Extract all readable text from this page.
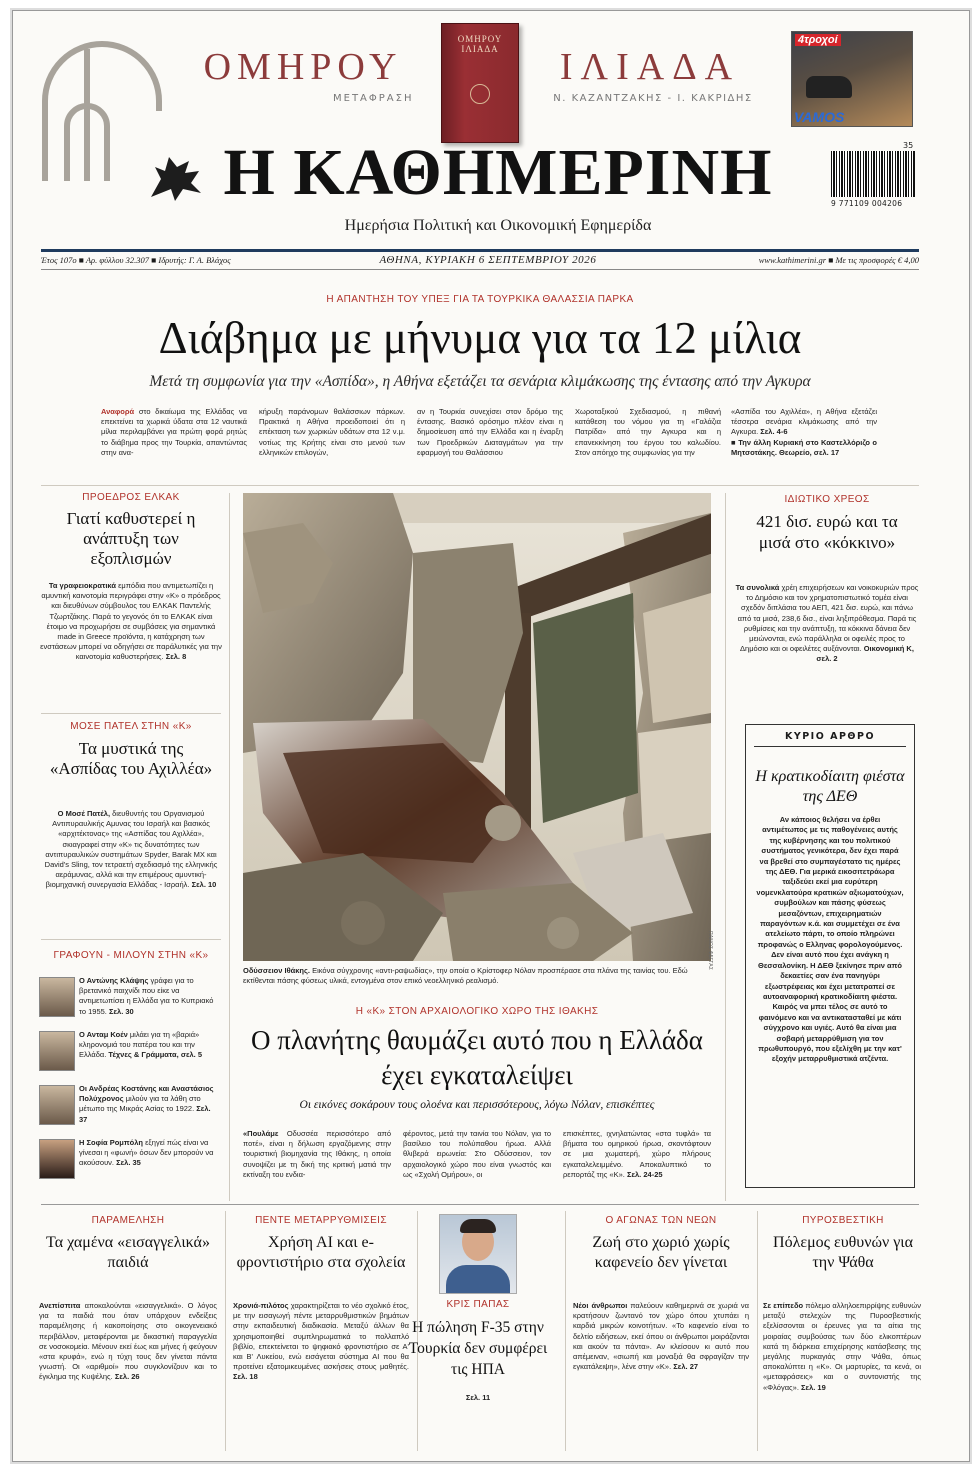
ΟΜΗΡΟΥ
ΜΕΤΑΦΡΑΣΗ
ΟΜΗΡΟΥ
ΙΛΙΑΔΑ	ΙΛΙΑΔΑ
Ν. ΚΑΖΑΝΤΖΑΚΗΣ - Ι. ΚΑΚΡΙΔΗΣ
4τροχοί
VAMOS
Η ΚΑΘΗΜΕΡΙΝΗ
Ημερήσια Πολιτική και Οικονομική Εφημερίδα
35
9 771109 004206
Έτος 107ο ■ Αρ. φύλλου 32.307 ■ Ιδρυτής: Γ. Α. Βλάχος	ΑΘΗΝΑ, ΚΥΡΙΑΚΗ 6 ΣΕΠΤΕΜΒΡΙΟΥ 2026	www.kathimerini.gr ■ Με τις προσφορές € 4,00
Η ΑΠΑΝΤΗΣΗ ΤΟΥ ΥΠΕΞ ΓΙΑ ΤΑ ΤΟΥΡΚΙΚΑ ΘΑΛΑΣΣΙΑ ΠΑΡΚΑ
Διάβημα με μήνυμα για τα 12 μίλια
Μετά τη συμφωνία για την «Ασπίδα», η Αθήνα εξετάζει τα σενάρια κλιμάκωσης της έντασης από την Αγκυρα
Αναφορά στο δικαίωμα της Ελλάδας να επεκτείνει τα χωρικά ύδατα στα 12 ναυτικά μίλια περιλαμβάνει για πρώτη φορά ρητώς το διάβημα προς την Τουρκία, απαντώντας στην ανα-
κήρυξη παράνομων θαλάσσιων πάρκων. Πρακτικά η Αθήνα προειδοποιεί ότι η επέκταση των χωρικών υδάτων στα 12 ν.μ. νοτίως της Κρήτης είναι στο μενού των ελληνικών επιλογών,
αν η Τουρκία συνεχίσει στον δρόμο της έντασης. Βασικό ορόσημο πλέον είναι η δημοσίευση από την Ελλάδα και η έναρξη των Προεδρικών Διαταγμάτων για την εφαρμογή του Θαλάσσιου
Χωροταξικού Σχεδιασμού, η πιθανή κατάθεση του νόμου για τη «Γαλάζια Πατρίδα» από την Αγκυρα και η επανεκκίνηση του έργου του καλωδίου. Στον απόηχο της συμφωνίας για την
«Ασπίδα του Αχιλλέα», η Αθήνα εξετάζει τέσσερα σενάρια κλιμάκωσης από την Αγκυρα. Σελ. 4-6
■ Την άλλη Κυριακή στο Καστελλόριζο ο Μητσοτάκης. Θεωρείο, σελ. 17
ΠΡΟΕΔΡΟΣ ΕΛΚΑΚ
Γιατί καθυστερεί η ανάπτυξη των εξοπλισμών
Τα γραφειοκρατικά εμπόδια που αντιμετωπίζει η αμυντική καινοτομία περιγράφει στην «Κ» ο πρόεδρος και διευθύνων σύμβουλος του ΕΛΚΑΚ Παντελής Τζωρτζάκης. Παρά το γεγονός ότι το ΕΛΚΑΚ είναι έτοιμο να προχωρήσει σε συμβάσεις για σημαντικά made in Greece προϊόντα, η κατάχρηση των ενστάσεων μπορεί να οδηγήσει σε παράλυτικές για την καινοτομία καθυστερήσεις. Σελ. 8
ΜΟΣΕ ΠΑΤΕΛ ΣΤΗΝ «Κ»
Τα μυστικά της «Ασπίδας του Αχιλλέα»
Ο Μοσέ Πατέλ, διευθυντής του Οργανισμού Αντιπυραυλικής Αμυνας του Ισραήλ και βασικός «αρχιτέκτονας» της «Ασπίδας του Αχιλλέα», σκιαγραφεί στην «Κ» τις δυνατότητες των αντιπυραυλικών συστημάτων Spyder, Barak MX και David's Sling, τον τετραετή σχεδιασμό της ελληνικής αεράμυνας, αλλά και την επιμέρους αμυντική-βιομηχανική συνεργασία Ελλάδας - Ισραήλ. Σελ. 10
ΓΡΑΦΟΥΝ - ΜΙΛΟΥΝ ΣΤΗΝ «Κ»
Ο Αντώνης Κλάψης γράφει για το βρετανικό παιχνίδι που είκε να αντιμετωπίσει η Ελλάδα για το Κυπριακό το 1955. Σελ. 30
Ο Ανταμ Κοέν μιλάει για τη «βαριά» κληρονομιά του πατέρα του και την Ελλάδα. Τέχνες & Γράμματα, σελ. 5
Οι Ανδρέας Κοστάνης και Αναστάσιος Πολύχρονος μιλούν για τα λάθη στο μέτωπο της Μικράς Ασίας το 1922. Σελ. 37
Η Σοφία Ρομπόλη εξηγεί πώς είναι να γίνεσαι η «φωνή» όσων δεν μπορούν να ακούσουν. Σελ. 35
ΠΑΝΟΣ ΦΕΓΓΑΣ
Οδύσσειον Ιθάκης. Εικόνα σύγχρονης «αντι-ραψωδίας», την οποία ο Κρίστοφερ Νόλαν προσπέρασε στα πλάνα της ταινίας του. Εδώ εκτίθενται πάσης φύσεως υλικά, εντογμένα στον επικό νεοελληνικό ρεαλισμό.
Η «Κ» ΣΤΟΝ ΑΡΧΑΙΟΛΟΓΙΚΟ ΧΩΡΟ ΤΗΣ ΙΘΑΚΗΣ
Ο πλανήτης θαυμάζει αυτό που η Ελλάδα έχει εγκαταλείψει
Οι εικόνες σοκάρουν τους ολοένα και περισσότερους, λόγω Νόλαν, επισκέπτες
«Πουλάμε Οδυσσέα περισσότερο από ποτέ», είναι η δήλωση εργαζόμενης στην τουριστική βιομηχανία της Ιθάκης, η οποία συνοψίζει με τη δική της κριτική ματιά την εκτίναξη του ενδια-
φέροντος, μετά την ταινία του Νόλαν, για το βασίλειο του πολύπαθου ήρωα. Αλλά θλιβερά ειρωνεία: Στο Οδύσσειον, τον αρχαιολογικό χώρο που είναι γνωστός και ως «Σχολή Ομήρου», οι
επισκέπτες, ιχνηλατώντας «στα τυφλά» τα βήματα του ομηρικού ήρωα, σκοντάφτουν σε μια χωματερή, χώρο πλήρους εγκαταλελειμμένο. Αποκαλυπτικό το ρεπορτάζ της «Κ». Σελ. 24-25
ΙΔΙΩΤΙΚΟ ΧΡΕΟΣ
421 δισ. ευρώ και τα μισά στο «κόκκινο»
Τα συνολικά χρέη επιχειρήσεων και νοικοκυριών προς το Δημόσιο και τον χρηματοπιστωτικό τομέα είναι σχεδόν διπλάσια του ΑΕΠ, 421 δισ. ευρώ, και πάνω από τα μισά, 238,6 δισ., είναι ληξιπρόθεσμα. Παρά τις ρυθμίσεις και την ανάπτυξη, τα κόκκινα δάνεια δεν μειώνονται, ενώ παράλληλα οι οφειλές προς το Δημόσιο και οι οφειλέτες αυξάνονται. Οικονομική Κ, σελ. 2
ΚΥΡΙΟ ΑΡΘΡΟ
Η κρατικοδίαιτη φιέστα της ΔΕΘ
Αν κάποιος θελήσει να έρθει αντιμέτωπος με τις παθογένειες αυτής της κυβέρνησης και του πολιτικού συστήματος γενικότερα, δεν έχει παρά να βρεθεί στο συμπαγέστατο τις ημέρες της ΔΕΘ. Για μερικά εικοσιτετράωρα ταξιδεύει εκεί μια ευρύτερη νομενκλατούρα κρατικών αξιωματούχων, συμβούλων και πάσης φύσεως μεσαζόντων, επιχειρηματιών παραγόντων κ.ά. και συμμετέχει σε ένα ατελείωτο πάρτι, το οποίο πληρώνει προφανώς ο Ελληνας φορολογούμενος. Δεν είναι αυτό που έχει ανάγκη η Θεσσαλονίκη. Η ΔΕΘ ξεκίνησε πριν από δεκαετίες σαν ένα πανηγύρι εξωστρέφειας και έχει μετατραπεί σε αυτοαναφορική κρατικοδίαιτη φιέστα. Καιρός να μπει τέλος σε αυτό το φαινόμενο και να αντικατασταθεί με κάτι σύγχρονο και υγιές. Αυτό θα είναι μια σοβαρή μεταρρύθμιση για τον πρωθυπουργό, που εξελίχθη με την κατ' εξοχήν μεταρρυθμιστικά ατζέντα.
ΠΑΡΑΜΕΛΗΣΗ
Τα χαμένα «εισαγγελικά» παιδιά
Ανεπίσπιτα αποκαλούνται «εισαγγελικά». Ο λόγος για τα παιδιά που όταν υπάρχουν ενδείξεις παραμέλησης ή κακοποίησης στο οικογενειακό περιβάλλον, μεταφέρονται με δικαστική παραγγελία σε νοσοκομεία. Μένουν εκεί έως και μήνες ή φεύγουν «στα κρυφά», ενώ η τύχη τους δεν γίνεται πάντα γνωστή. Οι «αριθμοί» που συγκλονίζουν και το έγκλημα της Κυψέλης. Σελ. 26
ΠΕΝΤΕ ΜΕΤΑΡΡΥΘΜΙΣΕΙΣ
Χρήση ΑΙ και e-φροντιστήριο στα σχολεία
Χρονιά-πιλότος χαρακτηρίζεται το νέο σχολικό έτος, με την εισαγωγή πέντε μεταρρυθμιστικών βημάτων στην εκπαιδευτική διαδικασία. Μεταξύ άλλων θα χρησιμοποιηθεί συμπληρωματικά το πολλαπλό βιβλίο, επεκτείνεται το ψηφιακό φροντιστήριο σε Α' και Β' Λυκείου, ενώ εισάγεται σύστημα AI που θα προτείνει εξατομικευμένες ασκήσεις στους μαθητές. Σελ. 18
ΚΡΙΣ ΠΑΠΑΣ
Η πώληση F-35 στην Τουρκία δεν συμφέρει τις ΗΠΑ
Σελ. 11
Ο ΑΓΩΝΑΣ ΤΩΝ ΝΕΩΝ
Ζωή στο χωριό χωρίς καφενείο δεν γίνεται
Νέοι άνθρωποι παλεύουν καθημερινά σε χωριά να κρατήσουν ζωντανό τον χώρο όπου χτυπάει η καρδιά μικρών κοινοτήτων. «Το καφενείο είναι το δελτίο ειδήσεων, εκεί όπου οι άνθρωποι μοιράζονται και ακούν τα πάντα». Αν κλείσουν κι αυτό που απέμειναν, «σιωπή και μοναξιά θα σφραγίζαν την εγκατάλειψη», λένε στην «Κ». Σελ. 27
ΠΥΡΟΣΒΕΣΤΙΚΗ
Πόλεμος ευθυνών για την Ψάθα
Σε επίπεδο πόλεμο αλληλοεπιρρίψης ευθυνών μεταξύ στελεχών της Πυροσβεστικής εξελίσσονται οι έρευνες για τα αίτια της μοιραίας συμβούσας των δύο ελικοπτέρων κατά τη διάρκεια επιχείρησης κατάσβεσης της μεγάλης πυρκαγιάς στην Ψάθα, όπως αποκαλύπτει η «Κ». Οι μαρτυρίες, τα κενά, οι «μεταφράσεις» και ο συντονιστής της «Φλόγας». Σελ. 19
